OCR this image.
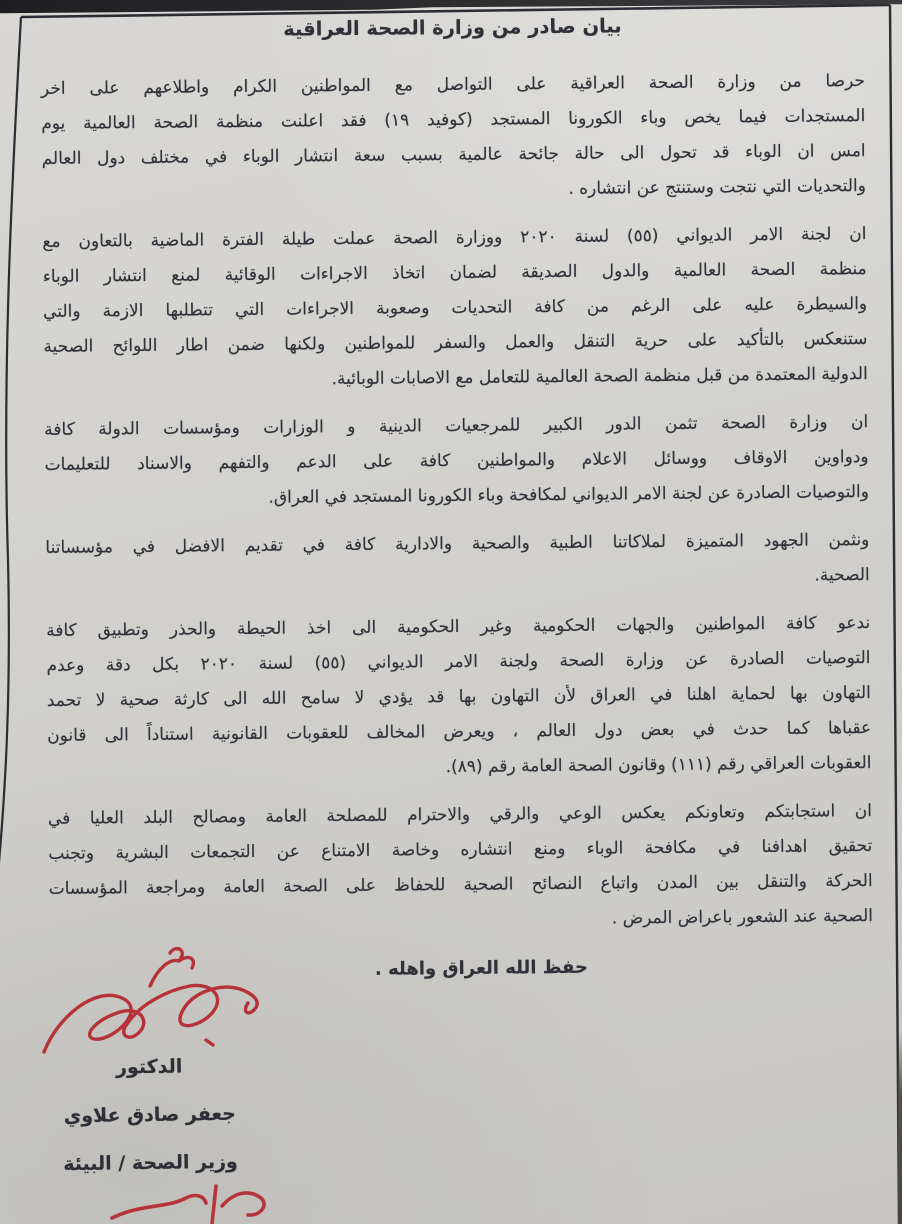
بيان صادر من وزارة الصحة العراقية
حرصا من وزارة الصحة العراقية على التواصل مع المواطنين الكرام واطلاعهم على اخر
المستجدات فيما يخص وباء الكورونا المستجد (كوفيد ١٩) فقد اعلنت منظمة الصحة العالمية يوم
امس ان الوباء قد تحول الى حالة جائحة عالمية بسبب سعة انتشار الوباء في مختلف دول العالم
والتحديات التي نتجت وستنتج عن انتشاره .
ان لجنة الامر الديواني (٥٥) لسنة ٢٠٢٠ ووزارة الصحة عملت طيلة الفترة الماضية بالتعاون مع
منظمة الصحة العالمية والدول الصديقة لضمان اتخاذ الاجراءات الوقائية لمنع انتشار الوباء
والسيطرة عليه على الرغم من كافة التحديات وصعوبة الاجراءات التي تتطلبها الازمة والتي
ستنعكس بالتأكيد على حرية التنقل والعمل والسفر للمواطنين ولكنها ضمن اطار اللوائح الصحية
الدولية المعتمدة من قبل منظمة الصحة العالمية للتعامل مع الاصابات الوبائية.
ان وزارة الصحة تثمن الدور الكبير للمرجعيات الدينية و الوزارات ومؤسسات الدولة كافة
ودواوين الاوقاف ووسائل الاعلام والمواطنين كافة على الدعم والتفهم والاسناد للتعليمات
والتوصيات الصادرة عن لجنة الامر الديواني لمكافحة وباء الكورونا المستجد في العراق.
ونثمن الجهود المتميزة لملاكاتنا الطبية والصحية والادارية كافة في تقديم الافضل في مؤسساتنا
الصحية.
ندعو كافة المواطنين والجهات الحكومية وغير الحكومية الى اخذ الحيطة والحذر وتطبيق كافة
التوصيات الصادرة عن وزارة الصحة ولجنة الامر الديواني (٥٥) لسنة ٢٠٢٠ بكل دقة وعدم
التهاون بها لحماية اهلنا في العراق لأن التهاون بها قد يؤدي لا سامح الله الى كارثة صحية لا تحمد
عقباها كما حدث في بعض دول العالم ، ويعرض المخالف للعقوبات القانونية استناداً الى قانون
العقوبات العراقي رقم (١١١) وقانون الصحة العامة رقم (٨٩).
ان استجابتكم وتعاونكم يعكس الوعي والرقي والاحترام للمصلحة العامة ومصالح البلد العليا في
تحقيق اهدافنا في مكافحة الوباء ومنع انتشاره وخاصة الامتناع عن التجمعات البشرية وتجنب
الحركة والتنقل بين المدن واتباع النصائح الصحية للحفاظ على الصحة العامة ومراجعة المؤسسات
الصحية عند الشعور باعراض المرض .
حفظ الله العراق واهله .
الدكتور
جعفر صادق علاوي
وزير الصحة / البيئة
